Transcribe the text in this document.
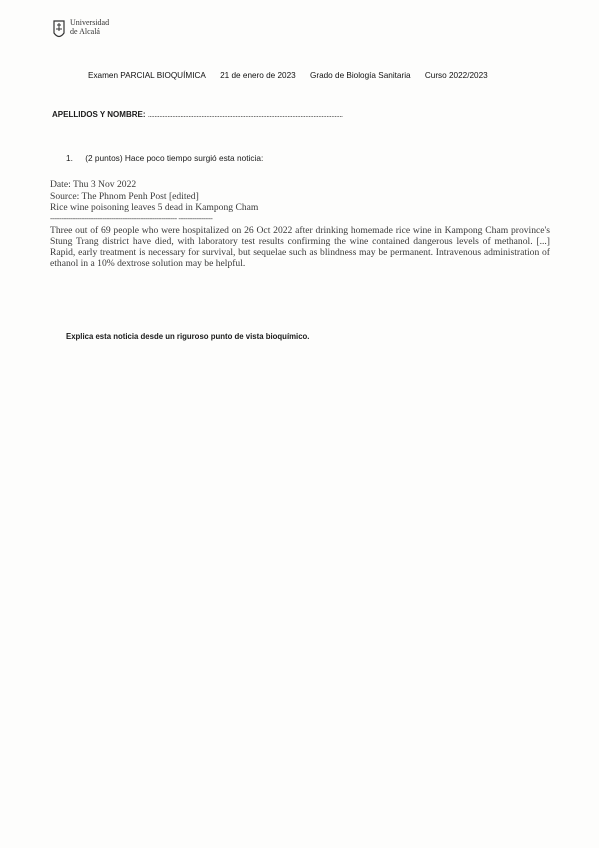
Universidad
de Alcalá
Examen PARCIAL BIOQUÍMICA 21 de enero de 2023 Grado de Biología Sanitaria Curso 2022/2023
APELLIDOS Y NOMBRE: ........................................................................................................................
1. (2 puntos) Hace poco tiempo surgió esta noticia:
Date: Thu 3 Nov 2022
Source: The Phnom Penh Post [edited]
Rice wine poisoning leaves 5 dead in Kampong Cham
-------------------------------------------------------- ---------------
Three out of 69 people who were hospitalized on 26 Oct 2022 after drinking homemade rice wine in Kampong Cham province's Stung Trang district have died, with laboratory test results confirming the wine contained dangerous levels of methanol. [...] Rapid, early treatment is necessary for survival, but sequelae such as blindness may be permanent. Intravenous administration of ethanol in a 10% dextrose solution may be helpful.
Explica esta noticia desde un riguroso punto de vista bioquímico.
